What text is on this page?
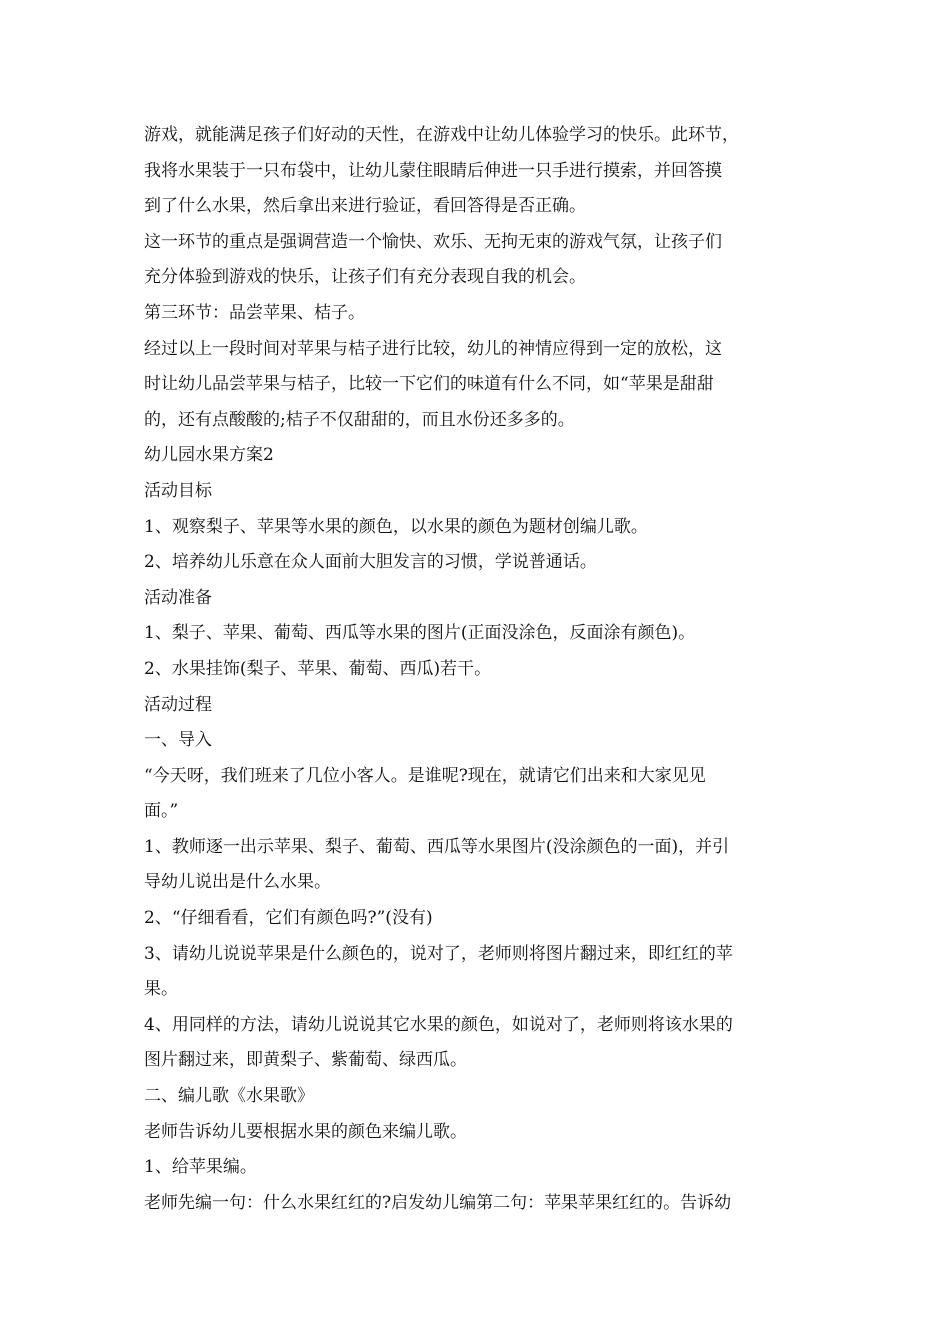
游戏，就能满足孩子们好动的天性，在游戏中让幼儿体验学习的快乐。此环节，

我将水果装于一只布袋中，让幼儿蒙住眼睛后伸进一只手进行摸索，并回答摸

到了什么水果，然后拿出来进行验证，看回答得是否正确。

这一环节的重点是强调营造一个愉快、欢乐、无拘无束的游戏气氛，让孩子们

充分体验到游戏的快乐，让孩子们有充分表现自我的机会。

第三环节：品尝苹果、桔子。

经过以上一段时间对苹果与桔子进行比较，幼儿的神情应得到一定的放松，这

时让幼儿品尝苹果与桔子，比较一下它们的味道有什么不同，如“苹果是甜甜

的，还有点酸酸的;桔子不仅甜甜的，而且水份还多多的。

幼儿园水果方案2

活动目标

1、观察梨子、苹果等水果的颜色，以水果的颜色为题材创编儿歌。

2、培养幼儿乐意在众人面前大胆发言的习惯，学说普通话。

活动准备

1、梨子、苹果、葡萄、西瓜等水果的图片(正面没涂色，反面涂有颜色)。

2、水果挂饰(梨子、苹果、葡萄、西瓜)若干。

活动过程

一、导入

“今天呀，我们班来了几位小客人。是谁呢?现在，就请它们出来和大家见见

面。”

1、教师逐一出示苹果、梨子、葡萄、西瓜等水果图片(没涂颜色的一面)，并引

导幼儿说出是什么水果。

2、“仔细看看，它们有颜色吗?”(没有)

3、请幼儿说说苹果是什么颜色的，说对了，老师则将图片翻过来，即红红的苹

果。

4、用同样的方法，请幼儿说说其它水果的颜色，如说对了，老师则将该水果的

图片翻过来，即黄梨子、紫葡萄、绿西瓜。

二、编儿歌《水果歌》

老师告诉幼儿要根据水果的颜色来编儿歌。

1、给苹果编。

老师先编一句：什么水果红红的?启发幼儿编第二句：苹果苹果红红的。告诉幼
